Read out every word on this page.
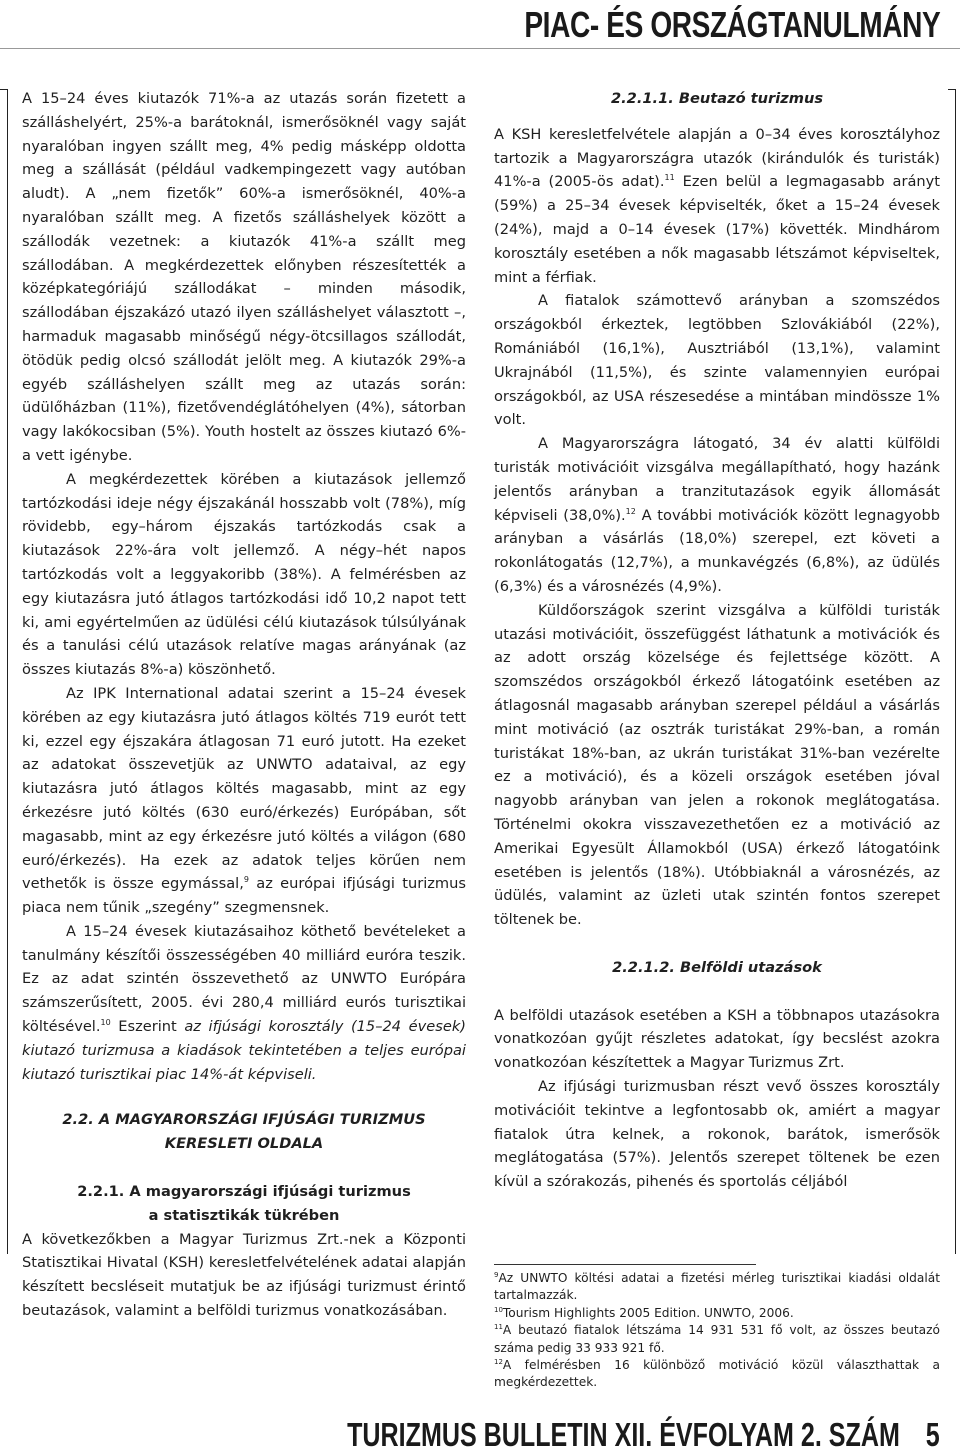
PIAC- ÉS ORSZÁGTANULMÁNY

A 15–24 éves kiutazók 71%-a az utazás során fizetett a szálláshelyért, 25%-a barátoknál, ismerősöknél vagy saját nyaralóban ingyen szállt meg, 4% pedig másképp oldotta meg a szállását (például vadkempingezett vagy autóban aludt). A „nem fizetők” 60%-a ismerősöknél, 40%-a nyaralóban szállt meg. A fizetős szálláshelyek között a szállodák vezetnek: a kiutazók 41%-a szállt meg szállodában. A megkérdezettek előnyben részesítették a középkategóriájú szállodákat – minden második, szállodában éjszakázó utazó ilyen szálláshelyet választott –, harmaduk magasabb minőségű négy-ötcsillagos szállodát, ötödük pedig olcsó szállodát jelölt meg. A kiutazók 29%-a egyéb szálláshelyen szállt meg az utazás során: üdülőházban (11%), fizetővendéglátóhelyen (4%), sátorban vagy lakókocsiban (5%). Youth hostelt az összes kiutazó 6%-a vett igénybe.

A megkérdezettek körében a kiutazások jellemző tartózkodási ideje négy éjszakánál hosszabb volt (78%), míg rövidebb, egy–három éjszakás tartózkodás csak a kiutazások 22%-ára volt jellemző. A négy–hét napos tartózkodás volt a leggyakoribb (38%). A felmérésben az egy kiutazásra jutó átlagos tartózkodási idő 10,2 napot tett ki, ami egyértelműen az üdülési célú kiutazások túlsúlyának és a tanulási célú utazások relatíve magas arányának (az összes kiutazás 8%-a) köszönhető.

Az IPK International adatai szerint a 15–24 évesek körében az egy kiutazásra jutó átlagos költés 719 eurót tett ki, ezzel egy éjszakára átlagosan 71 euró jutott. Ha ezeket az adatokat összevetjük az UNWTO adataival, az egy kiutazásra jutó átlagos költés magasabb, mint az egy érkezésre jutó költés (630 euró/érkezés) Európában, sőt magasabb, mint az egy érkezésre jutó költés a világon (680 euró/érkezés). Ha ezek az adatok teljes körűen nem vethetők is össze egymással,$^9$ az európai ifjúsági turizmus piaca nem tűnik „szegény” szegmensnek.

A 15–24 évesek kiutazásaihoz köthető bevételeket a tanulmány készítői összességében 40 milliárd euróra teszik. Ez az adat szintén összevethető az UNWTO Európára számszerűsített, 2005. évi 280,4 milliárd eurós turisztikai költésével.$^{10}$ Eszerint az ifjúsági korosztály (15–24 évesek) kiutazó turizmusa a kiadások tekintetében a teljes európai kiutazó turisztikai piac 14%-át képviseli.

2.2. A MAGYARORSZÁGI IFJÚSÁGI TURIZMUS
KERESLETI OLDALA
2.2.1. A magyarországi ifjúsági turizmus
a statisztikák tükrében

A következőkben a Magyar Turizmus Zrt.-nek a Központi Statisztikai Hivatal (KSH) keresletfelvételének adatai alapján készített becsléseit mutatjuk be az ifjúsági turizmust érintő beutazások, valamint a belföldi turizmus vonatkozásában.

2.2.1.1. Beutazó turizmus

A KSH keresletfelvétele alapján a 0–34 éves korosztályhoz tartozik a Magyarországra utazók (kirándulók és turisták) 41%-a (2005-ös adat).$^{11}$ Ezen belül a legmagasabb arányt (59%) a 25–34 évesek képviselték, őket a 15–24 évesek (24%), majd a 0–14 évesek (17%) követték. Mindhárom korosztály esetében a nők magasabb létszámot képviseltek, mint a férfiak.

A fiatalok számottevő arányban a szomszédos országokból érkeztek, legtöbben Szlovákiából (22%), Romániából (16,1%), Ausztriából (13,1%), valamint Ukrajnából (11,5%), és szinte valamennyien európai országokból, az USA részesedése a mintában mindössze 1% volt.

A Magyarországra látogató, 34 év alatti külföldi turisták motivációit vizsgálva megállapítható, hogy hazánk jelentős arányban a tranzitutazások egyik állomását képviseli (38,0%).$^{12}$ A további motivációk között legnagyobb arányban a vásárlás (18,0%) szerepel, ezt követi a rokonlátogatás (12,7%), a munkavégzés (6,8%), az üdülés (6,3%) és a városnézés (4,9%).

Küldőországok szerint vizsgálva a külföldi turisták utazási motivációit, összefüggést láthatunk a motivációk és az adott ország közelsége és fejlettsége között. A szomszédos országokból érkező látogatóink esetében az átlagosnál magasabb arányban szerepel például a vásárlás mint motiváció (az osztrák turistákat 29%-ban, a román turistákat 18%-ban, az ukrán turistákat 31%-ban vezérelte ez a motiváció), és a közeli országok esetében jóval nagyobb arányban van jelen a rokonok meglátogatása. Történelmi okokra visszavezethetően ez a motiváció az Amerikai Egyesült Államokból (USA) érkező látogatóink esetében is jelentős (18%). Utóbbiaknál a városnézés, az üdülés, valamint az üzleti utak szintén fontos szerepet töltenek be.

2.2.1.2. Belföldi utazások

A belföldi utazások esetében a KSH a többnapos utazásokra vonatkozóan gyűjt részletes adatokat, így becslést azokra vonatkozóan készítettek a Magyar Turizmus Zrt.

Az ifjúsági turizmusban részt vevő összes korosztály motivációit tekintve a legfontosabb ok, amiért a magyar fiatalok útra kelnek, a rokonok, barátok, ismerősök meglátogatása (57%). Jelentős szerepet töltenek be ezen kívül a szórakozás, pihenés és sportolás céljából

$^9$Az UNWTO költési adatai a fizetési mérleg turisztikai kiadási oldalát tartalmazzák.

$^{10}$Tourism Highlights 2005 Edition. UNWTO, 2006.

$^{11}$A beutazó fiatalok létszáma 14 931 531 fő volt, az összes beutazó száma pedig 33 933 921 fő.

$^{12}$A felmérésben 16 különböző motiváció közül választhattak a megkérdezettek.

TURIZMUS BULLETIN XII. ÉVFOLYAM 2. SZÁM 5
